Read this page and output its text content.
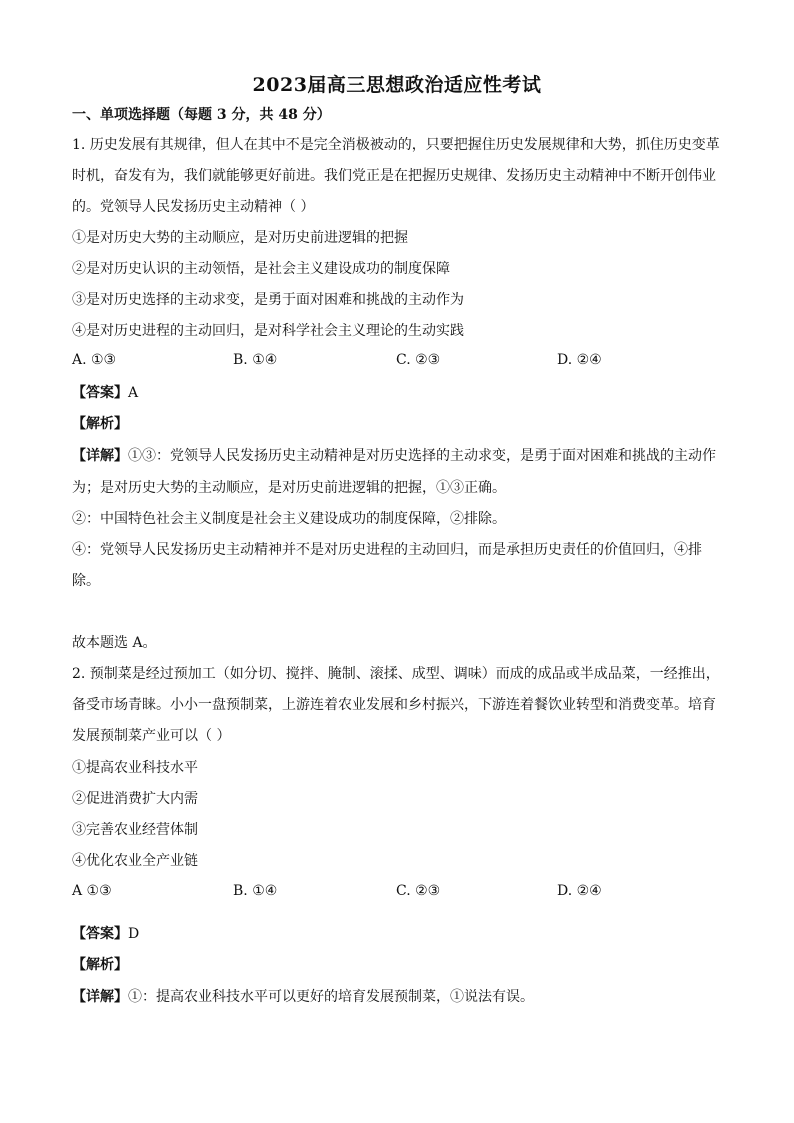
2023届高三思想政治适应性考试
一、单项选择题（每题 3 分，共 48 分）
1. 历史发展有其规律，但人在其中不是完全消极被动的，只要把握住历史发展规律和大势，抓住历史变革
时机，奋发有为，我们就能够更好前进。我们党正是在把握历史规律、发扬历史主动精神中不断开创伟业
的。党领导人民发扬历史主动精神（ ）
①是对历史大势的主动顺应，是对历史前进逻辑的把握
②是对历史认识的主动领悟，是社会主义建设成功的制度保障
③是对历史选择的主动求变，是勇于面对困难和挑战的主动作为
④是对历史进程的主动回归，是对科学社会主义理论的生动实践
A. ①③	B. ①④	C. ②③	D. ②④
【答案】A
【解析】
【详解】①③：党领导人民发扬历史主动精神是对历史选择的主动求变，是勇于面对困难和挑战的主动作
为；是对历史大势的主动顺应，是对历史前进逻辑的把握，①③正确。
②：中国特色社会主义制度是社会主义建设成功的制度保障，②排除。
④：党领导人民发扬历史主动精神并不是对历史进程的主动回归，而是承担历史责任的价值回归，④排
除。
故本题选 A。
2. 预制菜是经过预加工（如分切、搅拌、腌制、滚揉、成型、调味）而成的成品或半成品菜，一经推出，
备受市场青睐。小小一盘预制菜，上游连着农业发展和乡村振兴，下游连着餐饮业转型和消费变革。培育
发展预制菜产业可以（ ）
①提高农业科技水平
②促进消费扩大内需
③完善农业经营体制
④优化农业全产业链
A ①③	B. ①④	C. ②③	D. ②④
【答案】D
【解析】
【详解】①：提高农业科技水平可以更好的培育发展预制菜，①说法有误。
